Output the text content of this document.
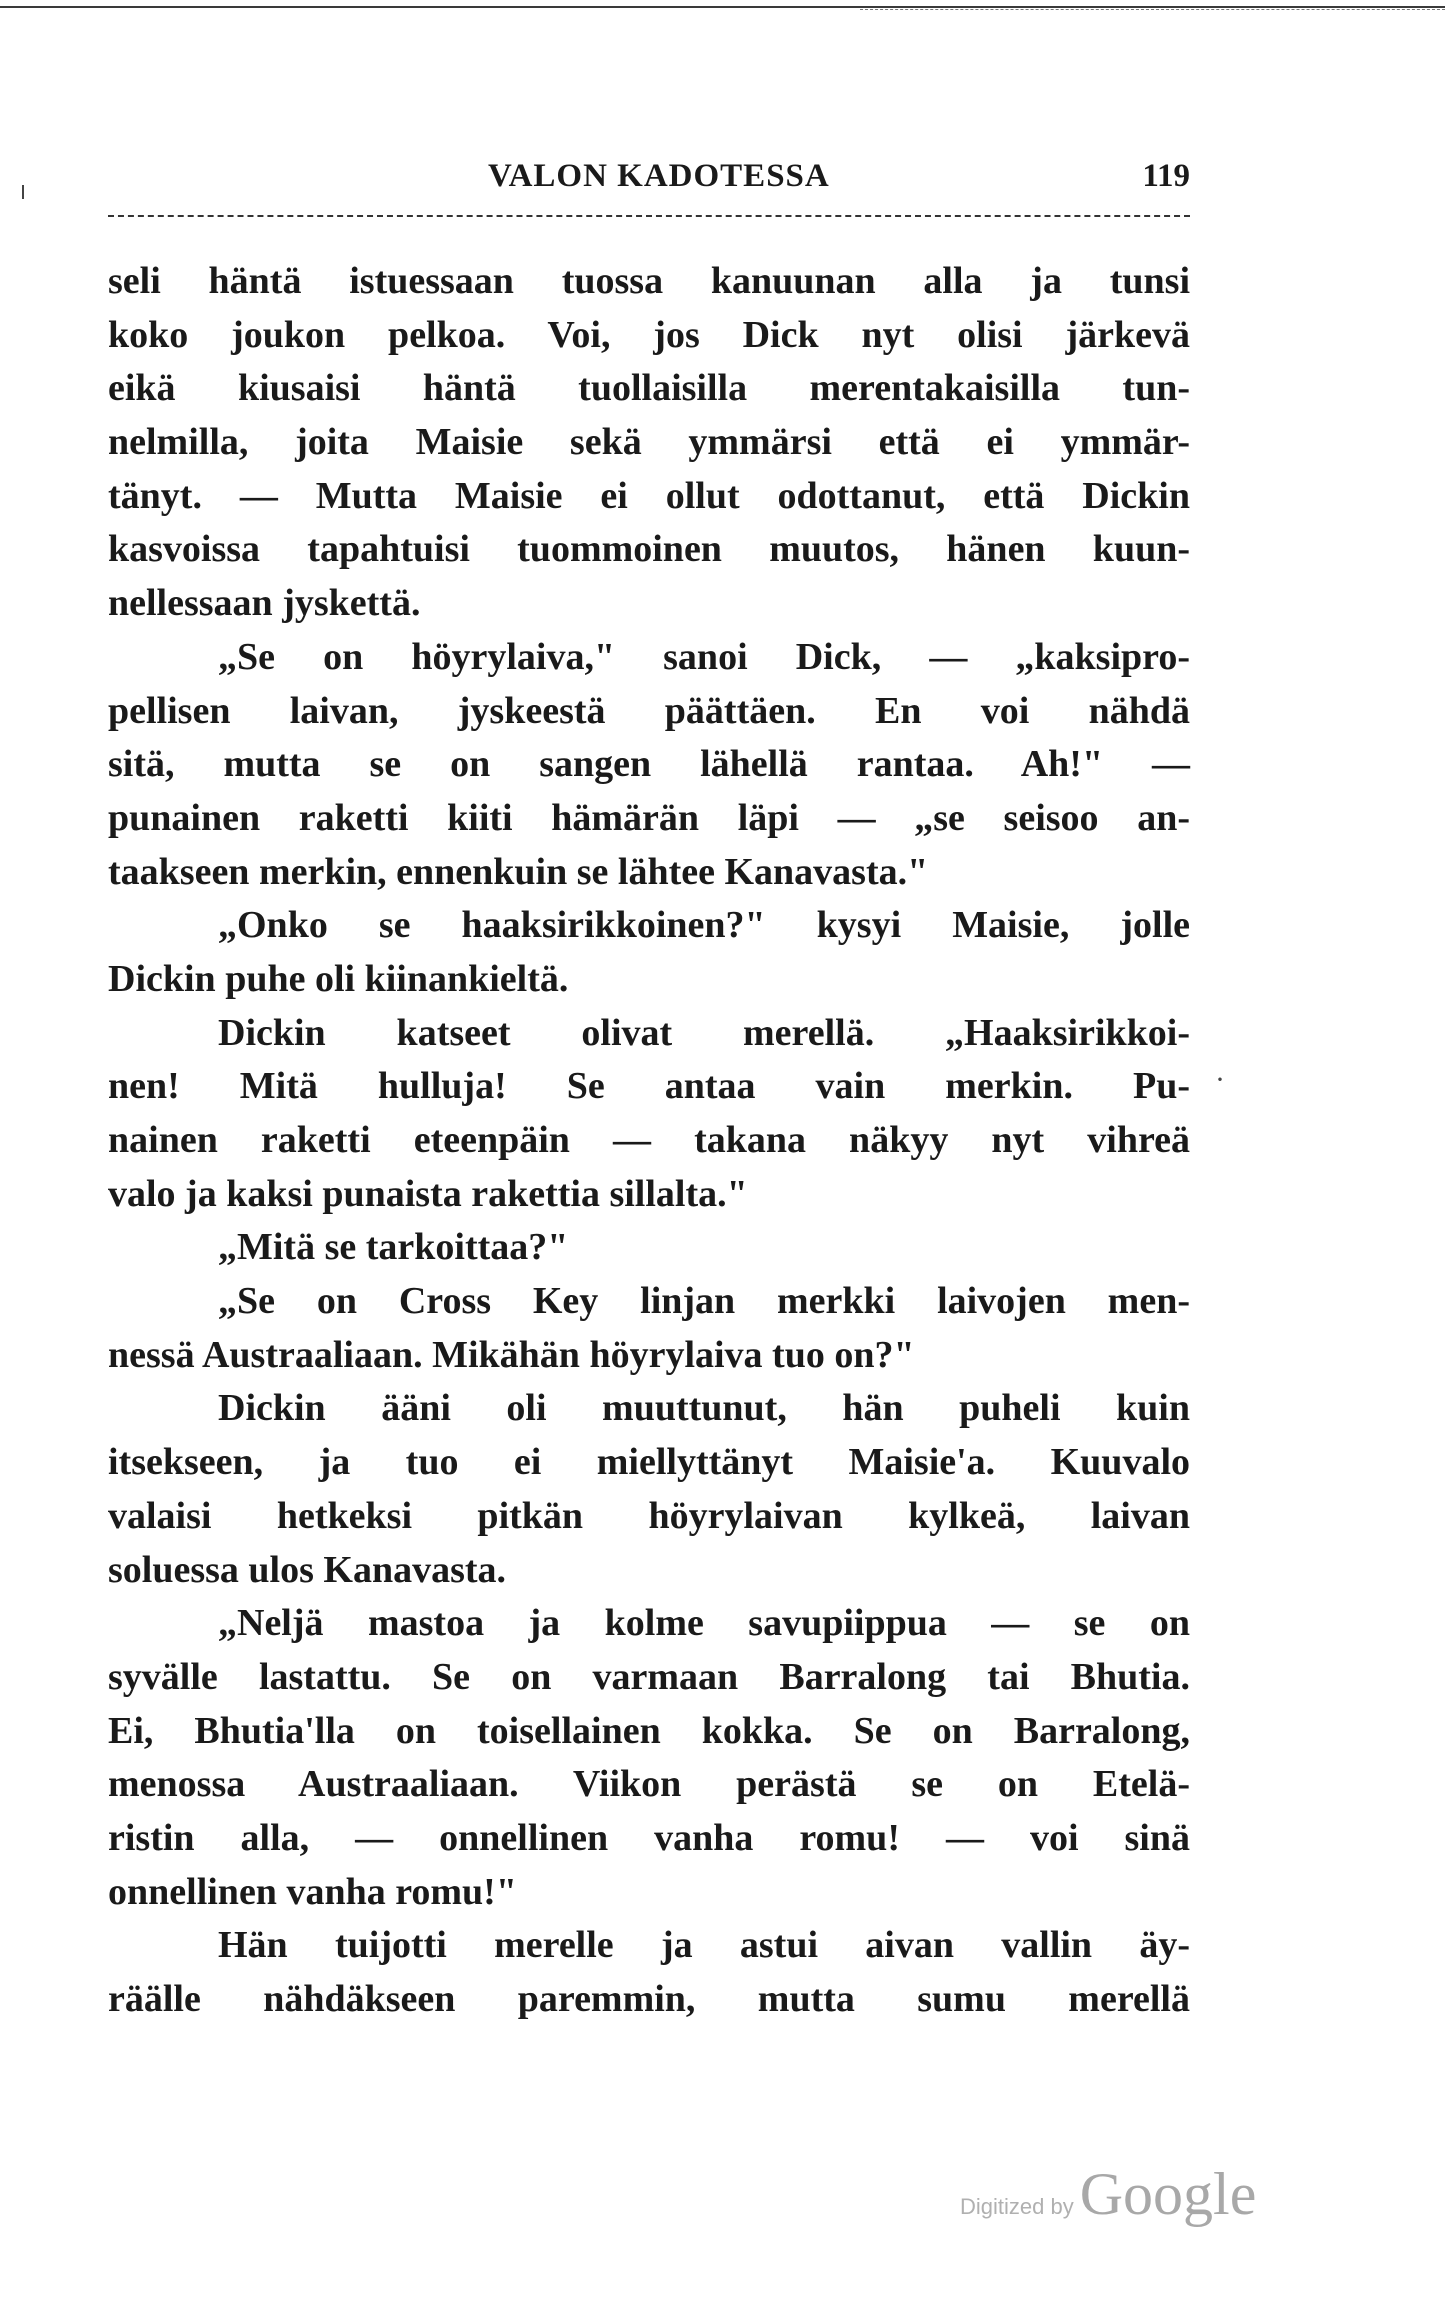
VALON KADOTESSA	119
seli häntä istuessaan tuossa kanuunan alla ja tunsi
koko joukon pelkoa. Voi, jos Dick nyt olisi järkevä
eikä kiusaisi häntä tuollaisilla merentakaisilla tun-
nelmilla, joita Maisie sekä ymmärsi että ei ymmär-
tänyt. — Mutta Maisie ei ollut odottanut, että Dickin
kasvoissa tapahtuisi tuommoinen muutos, hänen kuun-
nellessaan jyskettä.
„Se on höyrylaiva," sanoi Dick, — „kaksipro-
pellisen laivan, jyskeestä päättäen. En voi nähdä
sitä, mutta se on sangen lähellä rantaa. Ah!" —
punainen raketti kiiti hämärän läpi — „se seisoo an-
taakseen merkin, ennenkuin se lähtee Kanavasta."
„Onko se haaksirikkoinen?" kysyi Maisie, jolle
Dickin puhe oli kiinankieltä.
Dickin katseet olivat merellä. „Haaksirikkoi-
nen! Mitä hulluja! Se antaa vain merkin. Pu-
nainen raketti eteenpäin — takana näkyy nyt vihreä
valo ja kaksi punaista rakettia sillalta."
„Mitä se tarkoittaa?"
„Se on Cross Key linjan merkki laivojen men-
nessä Austraaliaan. Mikähän höyrylaiva tuo on?"
Dickin ääni oli muuttunut, hän puheli kuin
itsekseen, ja tuo ei miellyttänyt Maisie'a. Kuuvalo
valaisi hetkeksi pitkän höyrylaivan kylkeä, laivan
soluessa ulos Kanavasta.
„Neljä mastoa ja kolme savupiippua — se on
syvälle lastattu. Se on varmaan Barralong tai Bhutia.
Ei, Bhutia'lla on toisellainen kokka. Se on Barralong,
menossa Austraaliaan. Viikon perästä se on Etelä-
ristin alla, — onnellinen vanha romu! — voi sinä
onnellinen vanha romu!"
Hän tuijotti merelle ja astui aivan vallin äy-
räälle nähdäkseen paremmin, mutta sumu merellä
·
Digitized by Google
